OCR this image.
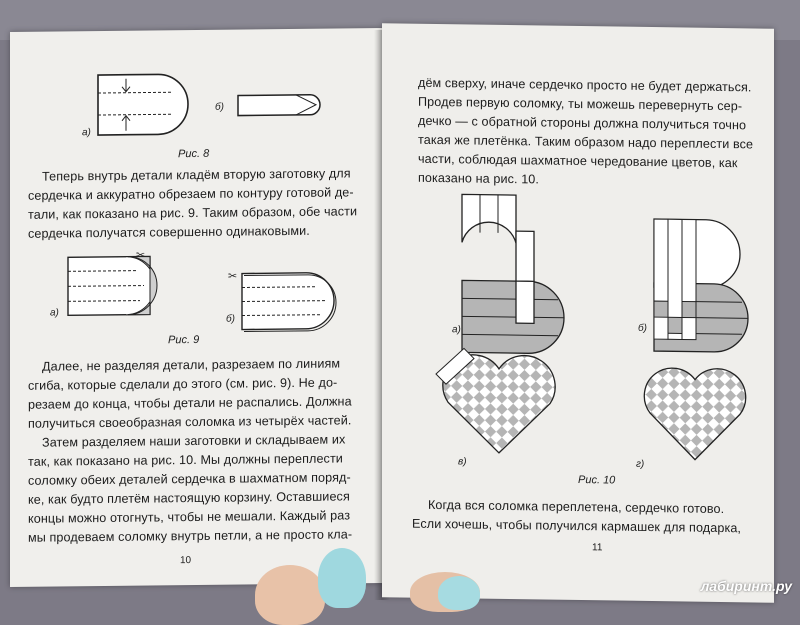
а)
б)
Рис. 8
Теперь внутрь детали кладём вторую заготовку для
сердечка и аккуратно обрезаем по контуру готовой де-
тали, как показано на рис. 9. Таким образом, обе части
сердечка получатся совершенно одинаковыми.
✂
а)
✂
б)
Рис. 9
Далее, не разделяя детали, разрезаем по линиям
сгиба, которые сделали до этого (см. рис. 9). Не до-
резаем до конца, чтобы детали не распались. Должна
получиться своеобразная соломка из четырёх частей.
Затем разделяем наши заготовки и складываем их
так, как показано на рис. 10. Мы должны переплести
соломку обеих деталей сердечка в шахматном поряд-
ке, как будто плетём настоящую корзину. Оставшиеся
концы можно отогнуть, чтобы не мешали. Каждый раз
мы продеваем соломку внутрь петли, а не просто кла-
10
дём сверху, иначе сердечко просто не будет держаться.
Продев первую соломку, ты можешь перевернуть сер-
дечко — с обратной стороны должна получиться точно
такая же плетёнка. Таким образом надо переплести все
части, соблюдая шахматное чередование цветов, как
показано на рис. 10.
а)	б)
в)	г)
Рис. 10
Когда вся соломка переплетена, сердечко готово.
Если хочешь, чтобы получился кармашек для подарка,
11
лабиринт.ру
